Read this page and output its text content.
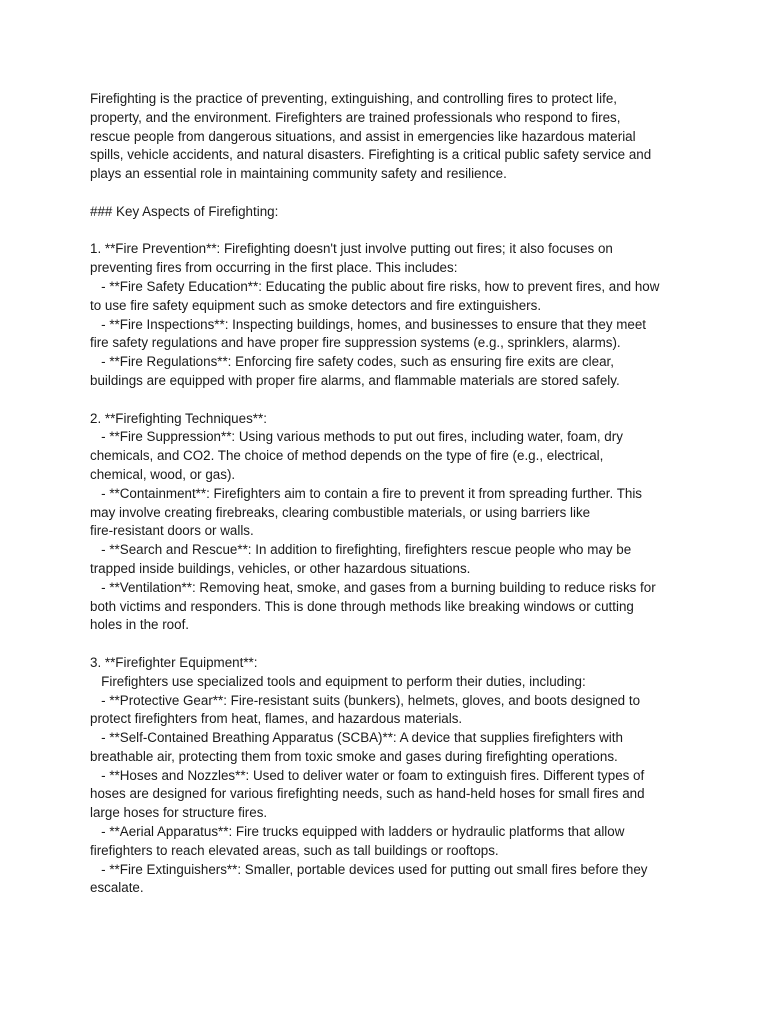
Firefighting is the practice of preventing, extinguishing, and controlling fires to protect life,
property, and the environment. Firefighters are trained professionals who respond to fires,
rescue people from dangerous situations, and assist in emergencies like hazardous material
spills, vehicle accidents, and natural disasters. Firefighting is a critical public safety service and
plays an essential role in maintaining community safety and resilience.
### Key Aspects of Firefighting:
1. **Fire Prevention**: Firefighting doesn't just involve putting out fires; it also focuses on
preventing fires from occurring in the first place. This includes:
- **Fire Safety Education**: Educating the public about fire risks, how to prevent fires, and how
to use fire safety equipment such as smoke detectors and fire extinguishers.
- **Fire Inspections**: Inspecting buildings, homes, and businesses to ensure that they meet
fire safety regulations and have proper fire suppression systems (e.g., sprinklers, alarms).
- **Fire Regulations**: Enforcing fire safety codes, such as ensuring fire exits are clear,
buildings are equipped with proper fire alarms, and flammable materials are stored safely.
2. **Firefighting Techniques**:
- **Fire Suppression**: Using various methods to put out fires, including water, foam, dry
chemicals, and CO2. The choice of method depends on the type of fire (e.g., electrical,
chemical, wood, or gas).
- **Containment**: Firefighters aim to contain a fire to prevent it from spreading further. This
may involve creating firebreaks, clearing combustible materials, or using barriers like
fire-resistant doors or walls.
- **Search and Rescue**: In addition to firefighting, firefighters rescue people who may be
trapped inside buildings, vehicles, or other hazardous situations.
- **Ventilation**: Removing heat, smoke, and gases from a burning building to reduce risks for
both victims and responders. This is done through methods like breaking windows or cutting
holes in the roof.
3. **Firefighter Equipment**:
Firefighters use specialized tools and equipment to perform their duties, including:
- **Protective Gear**: Fire-resistant suits (bunkers), helmets, gloves, and boots designed to
protect firefighters from heat, flames, and hazardous materials.
- **Self-Contained Breathing Apparatus (SCBA)**: A device that supplies firefighters with
breathable air, protecting them from toxic smoke and gases during firefighting operations.
- **Hoses and Nozzles**: Used to deliver water or foam to extinguish fires. Different types of
hoses are designed for various firefighting needs, such as hand-held hoses for small fires and
large hoses for structure fires.
- **Aerial Apparatus**: Fire trucks equipped with ladders or hydraulic platforms that allow
firefighters to reach elevated areas, such as tall buildings or rooftops.
- **Fire Extinguishers**: Smaller, portable devices used for putting out small fires before they
escalate.
